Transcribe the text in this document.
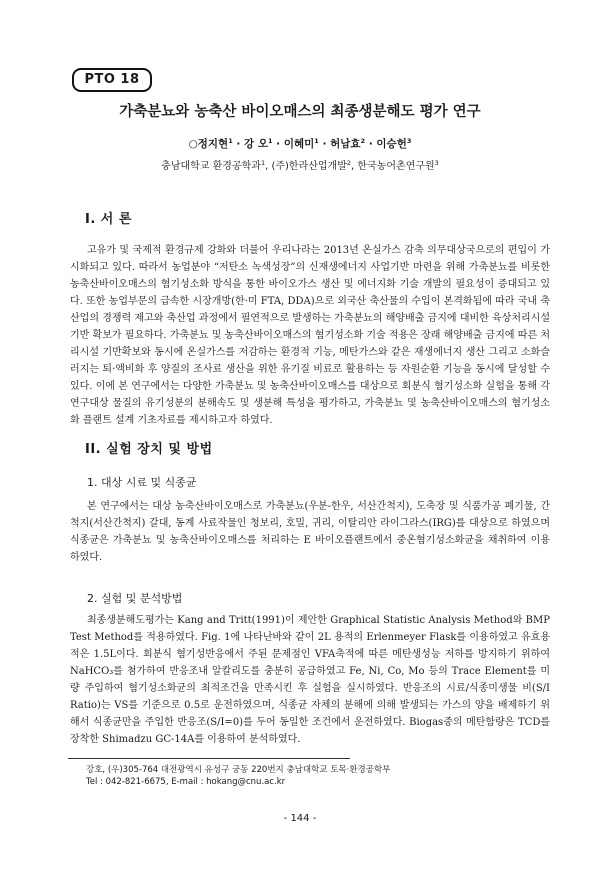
PTO 18
가축분뇨와 농축산 바이오매스의 최종생분해도 평가 연구
○정지현$^1$ · 강 오$^1$ · 이혜미$^1$ · 허남효$^2$ · 이승헌$^3$
충남대학교 환경공학과$^1$, (주)한라산업개발$^2$, 한국농어촌연구원$^3$
I. 서 론

고유가 및 국제적 환경규제 강화와 더불어 우리나라는 2013년 온실가스 감축 의무대상국으로의 편입이 가시화되고 있다. 따라서 농업분야 “저탄소 녹색성장”의 신재생에너지 사업기반 마련을 위해 가축분뇨를 비롯한 농축산바이오매스의 혐기성소화 방식을 통한 바이오가스 생산 및 에너지화 기술 개발의 필요성이 증대되고 있다. 또한 농업부문의 급속한 시장개방(한·미 FTA, DDA)으로 외국산 축산물의 수입이 본격화됨에 따라 국내 축산업의 경쟁력 제고와 축산업 과정에서 필연적으로 발생하는 가축분뇨의 해양배출 금지에 대비한 육상처리시설 기반 확보가 필요하다. 가축분뇨 및 농축산바이오매스의 혐기성소화 기술 적용은 장래 해양배출 금지에 따른 처리시설 기반확보와 동시에 온실가스를 저감하는 환경적 기능, 메탄가스와 같은 재생에너지 생산 그리고 소화슬러지는 퇴·액비화 후 양질의 조사료 생산을 위한 유기질 비료로 활용하는 등 자원순환 기능을 동시에 달성할 수 있다. 이에 본 연구에서는 다양한 가축분뇨 및 농축산바이오매스를 대상으로 회분식 혐기성소화 실험을 통해 각 연구대상 물질의 유기성분의 분해속도 및 생분해 특성을 평가하고, 가축분뇨 및 농축산바이오매스의 혐기성소화 플랜트 설계 기초자료를 제시하고자 하였다.

II. 실험 장치 및 방법
1. 대상 시료 및 식종균

본 연구에서는 대상 농축산바이오매스로 가축분뇨(우분-한우, 서산간척지), 도축장 및 식품가공 폐기물, 간척지(서산간척지) 갈대, 동계 사료작물인 청보리, 호밀, 귀리, 이탈리안 라이그라스(IRG)를 대상으로 하였으며 식종균은 가축분뇨 및 농축산바이오매스를 처리하는 E 바이오플랜트에서 중온혐기성소화균을 채취하여 이용하였다.

2. 실험 및 분석방법

최종생분해도평가는 Kang and Tritt(1991)이 제안한 Graphical Statistic Analysis Method와 BMP Test Method를 적용하였다. Fig. 1에 나타난바와 같이 2L 용적의 Erlenmeyer Flask를 이용하였고 유효용적은 1.5L이다. 회분식 혐기성반응에서 주된 문제점인 VFA축적에 따른 메탄생성능 저하를 방지하기 위하여 NaHCO₃를 첨가하여 반응조내 알칼리도를 충분히 공급하였고 Fe, Ni, Co, Mo 등의 Trace Element를 미량 주입하여 혐기성소화균의 최적조건을 만족시킨 후 실험을 실시하였다. 반응조의 시료/식종미생물 비(S/I Ratio)는 VS를 기준으로 0.5로 운전하였으며, 식종균 자체의 분해에 의해 발생되는 가스의 양을 배제하기 위해서 식종균만을 주입한 반응조(S/I=0)를 두어 동일한 조건에서 운전하였다. Biogas중의 메탄함량은 TCD를 장착한 Shimadzu GC-14A를 이용하여 분석하였다.

강호, (우)305-764 대전광역시 유성구 궁동 220번지 충남대학교 토목·환경공학부
Tel : 042-821-6675, E-mail : hokang@cnu.ac.kr
- 144 -
